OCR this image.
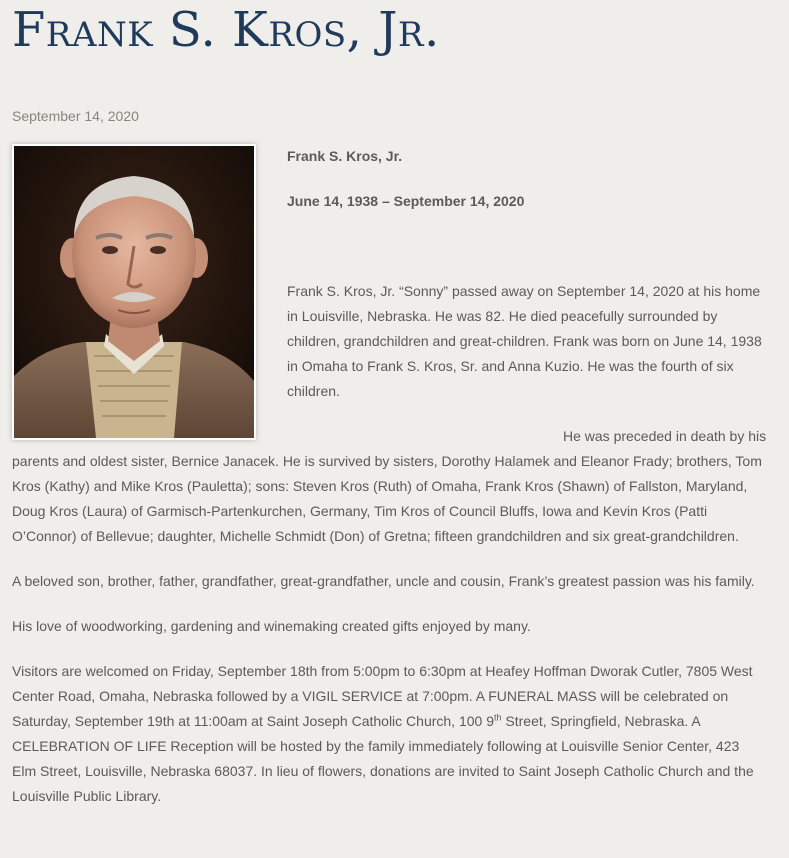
Frank S. Kros, Jr.
September 14, 2020

Frank S. Kros, Jr.

June 14, 1938 – September 14, 2020

Frank S. Kros, Jr. “Sonny” passed away on September 14, 2020 at his home in Louisville, Nebraska. He was 82. He died peacefully surrounded by children, grandchildren and great-children. Frank was born on June 14, 1938 in Omaha to Frank S. Kros, Sr. and Anna Kuzio. He was the fourth of six children.

He was preceded in death by his parents and oldest sister, Bernice Janacek. He is survived by sisters, Dorothy Halamek and Eleanor Frady; brothers, Tom Kros (Kathy) and Mike Kros (Pauletta); sons: Steven Kros (Ruth) of Omaha, Frank Kros (Shawn) of Fallston, Maryland, Doug Kros (Laura) of Garmisch-Partenkurchen, Germany, Tim Kros of Council Bluffs, Iowa and Kevin Kros (Patti O’Connor) of Bellevue; daughter, Michelle Schmidt (Don) of Gretna; fifteen grandchildren and six great-grandchildren.

A beloved son, brother, father, grandfather, great-grandfather, uncle and cousin, Frank’s greatest passion was his family.

His love of woodworking, gardening and winemaking created gifts enjoyed by many.

Visitors are welcomed on Friday, September 18th from 5:00pm to 6:30pm at Heafey Hoffman Dworak Cutler, 7805 West Center Road, Omaha, Nebraska followed by a VIGIL SERVICE at 7:00pm. A FUNERAL MASS will be celebrated on Saturday, September 19th at 11:00am at Saint Joseph Catholic Church, 100 9th Street, Springfield, Nebraska. A CELEBRATION OF LIFE Reception will be hosted by the family immediately following at Louisville Senior Center, 423 Elm Street, Louisville, Nebraska 68037. In lieu of flowers, donations are invited to Saint Joseph Catholic Church and the Louisville Public Library.
